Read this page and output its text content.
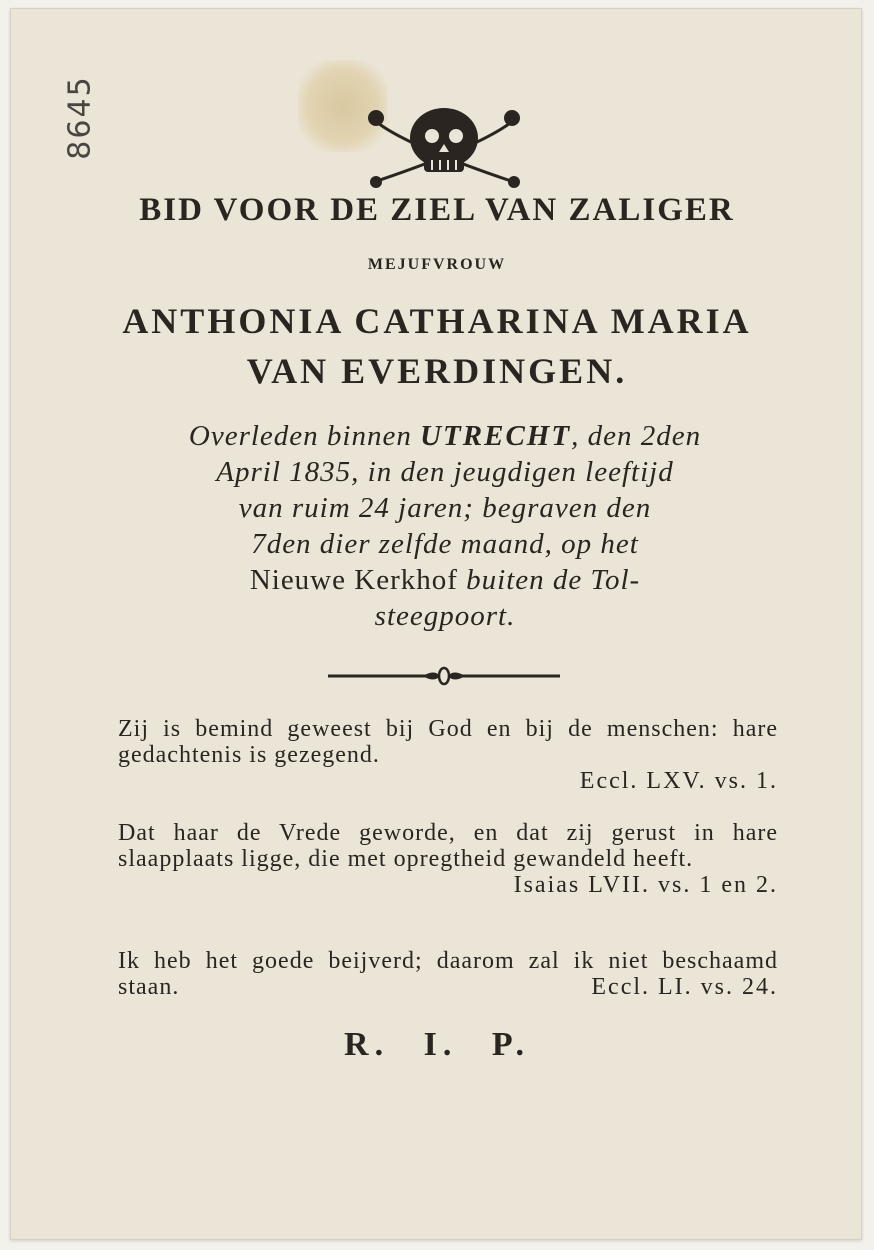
8645
BID VOOR DE ZIEL VAN ZALIGER
MEJUFVROUW
ANTHONIA CATHARINA MARIA
VAN EVERDINGEN.
Overleden binnen UTRECHT, den 2den
April 1835, in den jeugdigen leeftijd
van ruim 24 jaren; begraven den
7den dier zelfde maand, op het
Nieuwe Kerkhof buiten de Tol-
steegpoort.
Zij is bemind geweest bij God en bij de menschen: hare gedachtenis is gezegend.
Eccl. LXV. vs. 1.
Dat haar de Vrede geworde, en dat zij gerust in hare slaapplaats ligge, die met opregtheid gewandeld heeft.
Isaias LVII. vs. 1 en 2.
Ik heb het goede beijverd; daarom zal ik niet beschaamd staan.	Eccl. LI. vs. 24.
R. I. P.
